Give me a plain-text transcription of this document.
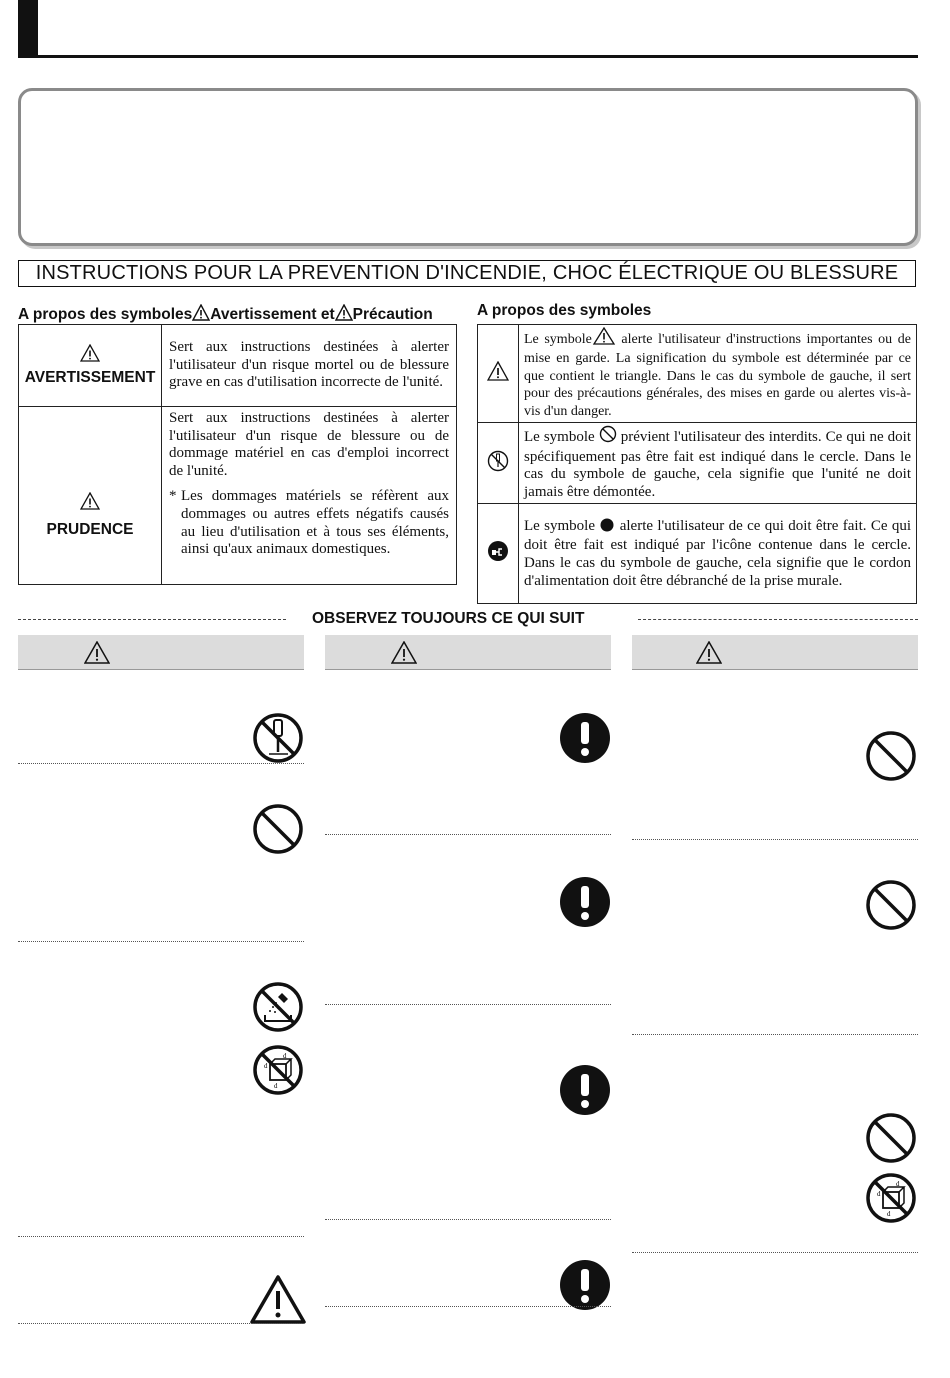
INSTRUCTIONS POUR LA PREVENTION D'INCENDIE, CHOC ÉLECTRIQUE OU BLESSURE
A propos des symboles Avertissement et Précaution
AVERTISSEMENT	Sert aux instructions destinées à alerter l'utilisateur d'un risque mortel ou de blessure grave en cas d'utilisation incorrecte de l'unité.

PRUDENCE	Sert aux instructions destinées à alerter l'utilisateur d'un risque de blessure ou de dommage matériel en cas d'emploi incorrect de l'unité.
* Les dommages matériels se réfèrent aux dommages ou autres effets négatifs causés au lieu d'utilisation et à tous ses éléments, ainsi qu'aux animaux domestiques.
A propos des symboles

Le symbole alerte l'utilisateur d'instructions importantes ou de mise en garde. La signification du symbole est déterminée par ce que contient le triangle. Dans le cas du symbole de gauche, il sert pour des précautions générales, des mises en garde ou alertes vis-à-vis d'un danger.

Le symbole prévient l'utilisateur des interdits. Ce qui ne doit spécifiquement pas être fait est indiqué dans le cercle. Dans le cas du symbole de gauche, cela signifie que l'unité ne doit jamais être démontée.

Le symbole alerte l'utilisateur de ce qui doit être fait. Ce qui doit être fait est indiqué par l'icône contenue dans le cercle. Dans le cas du symbole de gauche, cela signifie que le cordon d'alimentation doit être débranché de la prise murale.
OBSERVEZ TOUJOURS CE QUI SUIT
d
d
d
d
d
d
